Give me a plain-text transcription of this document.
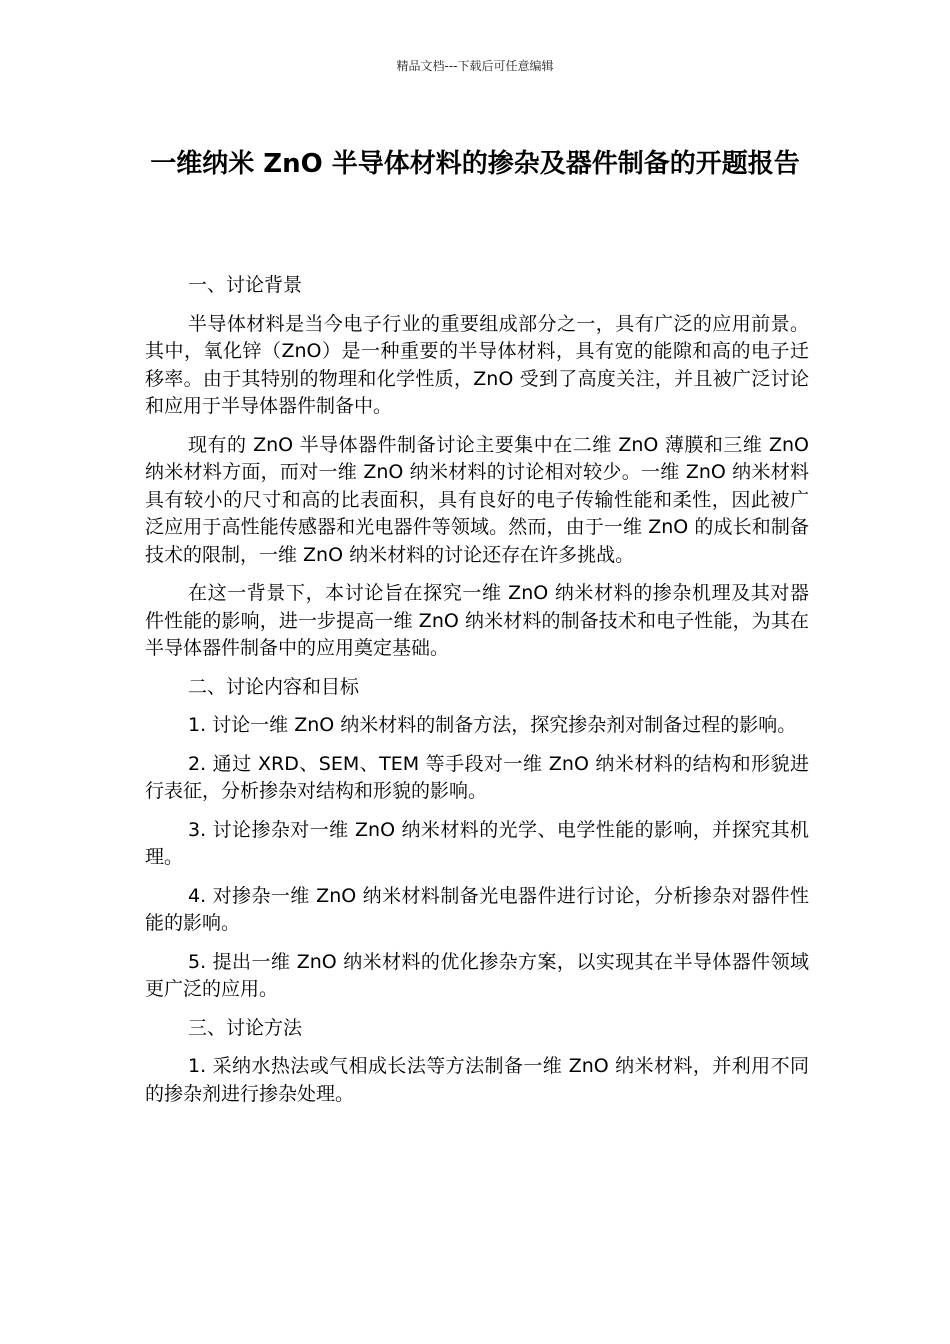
精品文档---下载后可任意编辑
一维纳米 ZnO 半导体材料的掺杂及器件制备的开题报告

一、讨论背景

半导体材料是当今电子行业的重要组成部分之一，具有广泛的应用前景。其中，氧化锌（ZnO）是一种重要的半导体材料，具有宽的能隙和高的电子迁移率。由于其特别的物理和化学性质，ZnO 受到了高度关注，并且被广泛讨论和应用于半导体器件制备中。

现有的 ZnO 半导体器件制备讨论主要集中在二维 ZnO 薄膜和三维 ZnO 纳米材料方面，而对一维 ZnO 纳米材料的讨论相对较少。一维 ZnO 纳米材料具有较小的尺寸和高的比表面积，具有良好的电子传输性能和柔性，因此被广泛应用于高性能传感器和光电器件等领域。然而，由于一维 ZnO 的成长和制备技术的限制，一维 ZnO 纳米材料的讨论还存在许多挑战。

在这一背景下，本讨论旨在探究一维 ZnO 纳米材料的掺杂机理及其对器件性能的影响，进一步提高一维 ZnO 纳米材料的制备技术和电子性能，为其在半导体器件制备中的应用奠定基础。

二、讨论内容和目标

1. 讨论一维 ZnO 纳米材料的制备方法，探究掺杂剂对制备过程的影响。

2. 通过 XRD、SEM、TEM 等手段对一维 ZnO 纳米材料的结构和形貌进行表征，分析掺杂对结构和形貌的影响。

3. 讨论掺杂对一维 ZnO 纳米材料的光学、电学性能的影响，并探究其机理。

4. 对掺杂一维 ZnO 纳米材料制备光电器件进行讨论，分析掺杂对器件性能的影响。

5. 提出一维 ZnO 纳米材料的优化掺杂方案，以实现其在半导体器件领域更广泛的应用。

三、讨论方法

1. 采纳水热法或气相成长法等方法制备一维 ZnO 纳米材料，并利用不同的掺杂剂进行掺杂处理。
